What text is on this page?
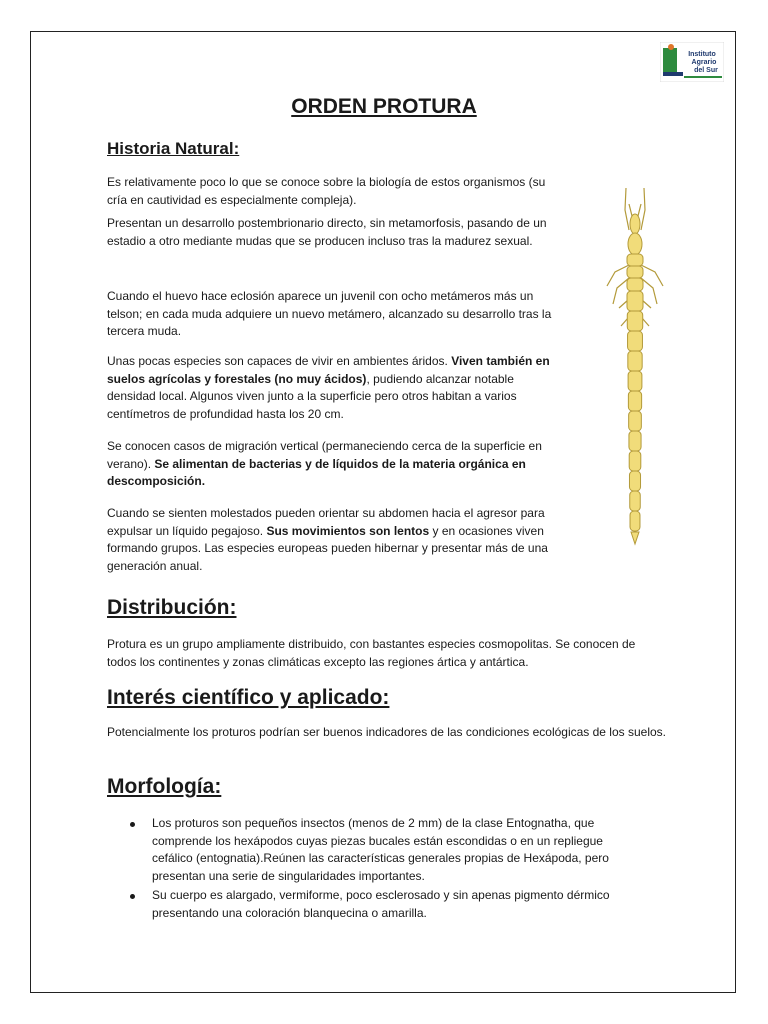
Instituto
Agrario
del Sur
ORDEN PROTURA
Historia Natural:

Es relativamente poco lo que se conoce sobre la biología de estos organismos (su cría en cautividad es especialmente compleja).

Presentan un desarrollo postembrionario directo, sin metamorfosis, pasando de un estadio a otro mediante mudas que se producen incluso tras la madurez sexual.

Cuando el huevo hace eclosión aparece un juvenil con ocho metámeros más un telson; en cada muda adquiere un nuevo metámero, alcanzado su desarrollo tras la tercera muda.

Unas pocas especies son capaces de vivir en ambientes áridos. Viven también en suelos agrícolas y forestales (no muy ácidos), pudiendo alcanzar notable densidad local. Algunos viven junto a la superficie pero otros habitan a varios centímetros de profundidad hasta los 20 cm.

Se conocen casos de migración vertical (permaneciendo cerca de la superficie en verano). Se alimentan de bacterias y de líquidos de la materia orgánica en descomposición.

Cuando se sienten molestados pueden orientar su abdomen hacia el agresor para expulsar un líquido pegajoso. Sus movimientos son lentos y en ocasiones viven formando grupos. Las especies europeas pueden hibernar y presentar más de una generación anual.

Distribución:

Protura es un grupo ampliamente distribuido, con bastantes especies cosmopolitas. Se conocen de todos los continentes y zonas climáticas excepto las regiones ártica y antártica.

Interés científico y aplicado:

Potencialmente los proturos podrían ser buenos indicadores de las condiciones ecológicas de los suelos.

Morfología:
Los proturos son pequeños insectos (menos de 2 mm) de la clase Entognatha, que comprende los hexápodos cuyas piezas bucales están escondidas o en un repliegue cefálico (entognatia).Reúnen las características generales propias de Hexápoda, pero presentan una serie de singularidades importantes.
Su cuerpo es alargado, vermiforme, poco esclerosado y sin apenas pigmento dérmico presentando una coloración blanquecina o amarilla.
